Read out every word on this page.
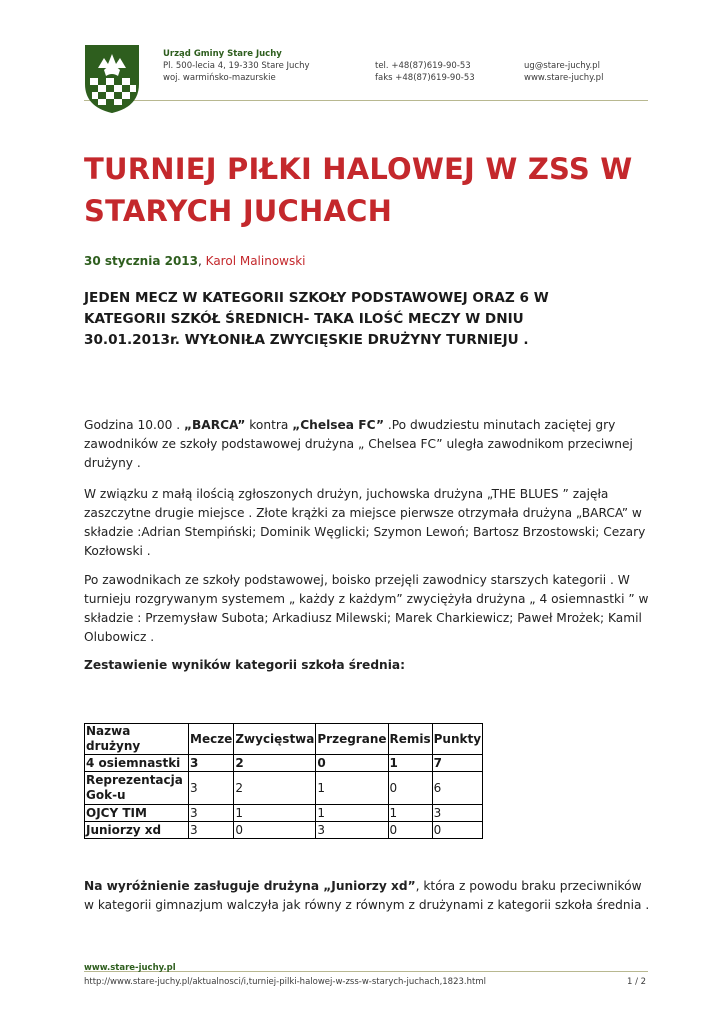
Urząd Gminy Stare Juchy
Pl. 500-lecia 4, 19-330 Stare Juchy
woj. warmińsko-mazurskie
tel. +48(87)619-90-53
faks +48(87)619-90-53
ug@stare-juchy.pl
www.stare-juchy.pl
TURNIEJ PIŁKI HALOWEJ W ZSS W STARYCH JUCHACH
30 stycznia 2013, Karol Malinowski

JEDEN MECZ W KATEGORII SZKOŁY PODSTAWOWEJ ORAZ 6 W KATEGORII SZKÓŁ ŚREDNICH- TAKA ILOŚĆ MECZY W DNIU 30.01.2013r. WYŁONIŁA ZWYCIĘSKIE DRUŻYNY TURNIEJU .

Godzina 10.00 . „BARCA” kontra „Chelsea FC” .Po dwudziestu minutach zaciętej gry zawodników ze szkoły podstawowej drużyna „ Chelsea FC” uległa zawodnikom przeciwnej drużyny .

W związku z małą ilością zgłoszonych drużyn, juchowska drużyna „THE BLUES ” zajęła zaszczytne drugie miejsce . Złote krążki za miejsce pierwsze otrzymała drużyna „BARCA” w składzie :Adrian Stempiński; Dominik Węglicki; Szymon Lewoń; Bartosz Brzostowski; Cezary Kozłowski .

Po zawodnikach ze szkoły podstawowej, boisko przejęli zawodnicy starszych kategorii . W turnieju rozgrywanym systemem „ każdy z każdym” zwyciężyła drużyna „ 4 osiemnastki ” w składzie : Przemysław Subota; Arkadiusz Milewski; Marek Charkiewicz; Paweł Mrożek; Kamil Olubowicz .

Zestawienie wyników kategorii szkoła średnia:

Nazwa drużyny	Mecze	Zwycięstwa	Przegrane	Remis	Punkty
4 osiemnastki	3	2	0	1	7
Reprezentacja Gok-u	3	2	1	0	6
OJCY TIM	3	1	1	1	3
Juniorzy xd	3	0	3	0	0

Na wyróżnienie zasługuje drużyna „Juniorzy xd”, która z powodu braku przeciwników w kategorii gimnazjum walczyła jak równy z równym z drużynami z kategorii szkoła średnia .

www.stare-juchy.pl
http://www.stare-juchy.pl/aktualnosci/i,turniej-pilki-halowej-w-zss-w-starych-juchach,1823.html	1 / 2
